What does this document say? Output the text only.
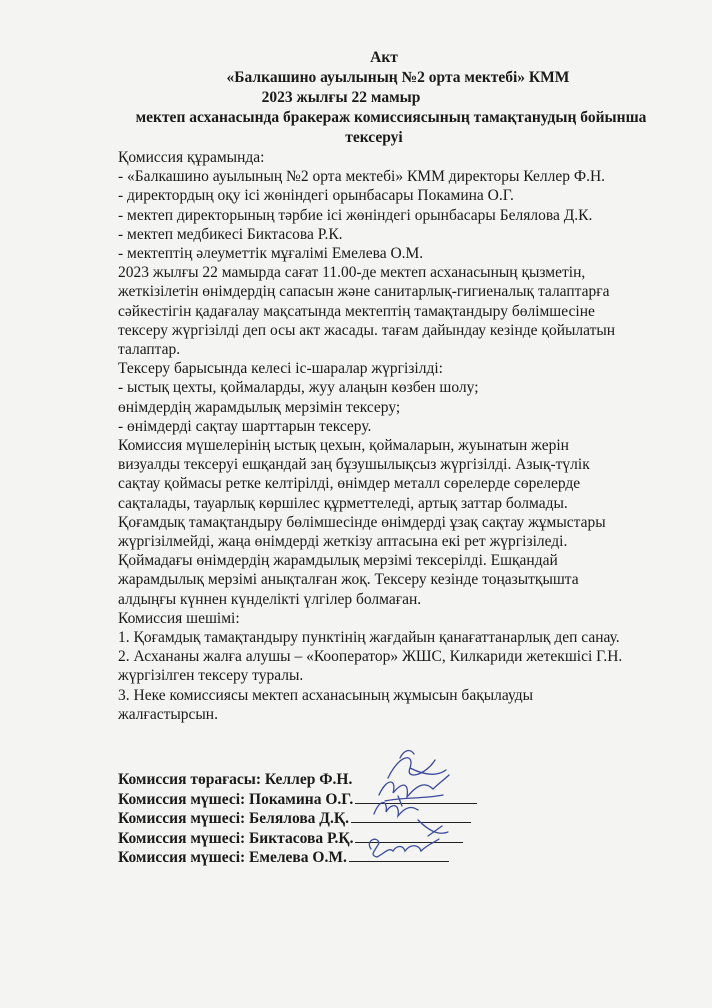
Акт

«Балкашино ауылының №2 орта мектебі» КММ

2023 жылғы 22 мамыр

мектеп асханасында бракераж комиссиясының тамақтанудың бойынша

тексеруі

Қомиссия құрамында:

- «Балкашино ауылының №2 орта мектебі» КММ директоры Келлер Ф.Н.

- директордың оқу ісі жөніндегі орынбасары Покамина О.Г.

- мектеп директорының тәрбие ісі жөніндегі орынбасары Белялова Д.К.

- мектеп медбикесі Биктасова Р.К.

- мектептің әлеуметтік мұғалімі Емелева О.М.

2023 жылғы 22 мамырда сағат 11.00-де мектеп асханасының қызметін,

жеткізілетін өнімдердің сапасын және санитарлық-гигиеналық талаптарға

сәйкестігін қадағалау мақсатында мектептің тамақтандыру бөлімшесіне

тексеру жүргізілді деп осы акт жасады. тағам дайындау кезінде қойылатын

талаптар.

Тексеру барысында келесі іс-шаралар жүргізілді:

- ыстық цехты, қоймаларды, жуу алаңын көзбен шолу;

өнімдердің жарамдылық мерзімін тексеру;

- өнімдерді сақтау шарттарын тексеру.

Комиссия мүшелерінің ыстық цехын, қоймаларын, жуынатын жерін

визуалды тексеруі ешқандай заң бұзушылықсыз жүргізілді. Азық-түлік

сақтау қоймасы ретке келтірілді, өнімдер металл сөрелерде сөрелерде

сақталады, тауарлық көршілес құрметтеледі, артық заттар болмады.

Қоғамдық тамақтандыру бөлімшесінде өнімдерді ұзақ сақтау жұмыстары

жүргізілмейді, жаңа өнімдерді жеткізу аптасына екі рет жүргізіледі.

Қоймадағы өнімдердің жарамдылық мерзімі тексерілді. Ешқандай

жарамдылық мерзімі анықталған жоқ. Тексеру кезінде тоңазытқышта

алдыңғы күннен күнделікті үлгілер болмаған.

Комиссия шешімі:

1. Қоғамдық тамақтандыру пунктінің жағдайын қанағаттанарлық деп санау.

2. Асхананы жалға алушы – «Кооператор» ЖШС, Килкариди жетекшісі Г.Н.

жүргізілген тексеру туралы.

3. Неке комиссиясы мектеп асханасының жұмысын бақылауды

жалғастырсын.

Комиссия төрағасы: Келлер Ф.Н.
Комиссия мүшесі: Покамина О.Г.
Комиссия мүшесі: Белялова Д.Қ.
Комиссия мүшесі: Биктасова Р.Қ.
Комиссия мүшесі: Емелева О.М.
